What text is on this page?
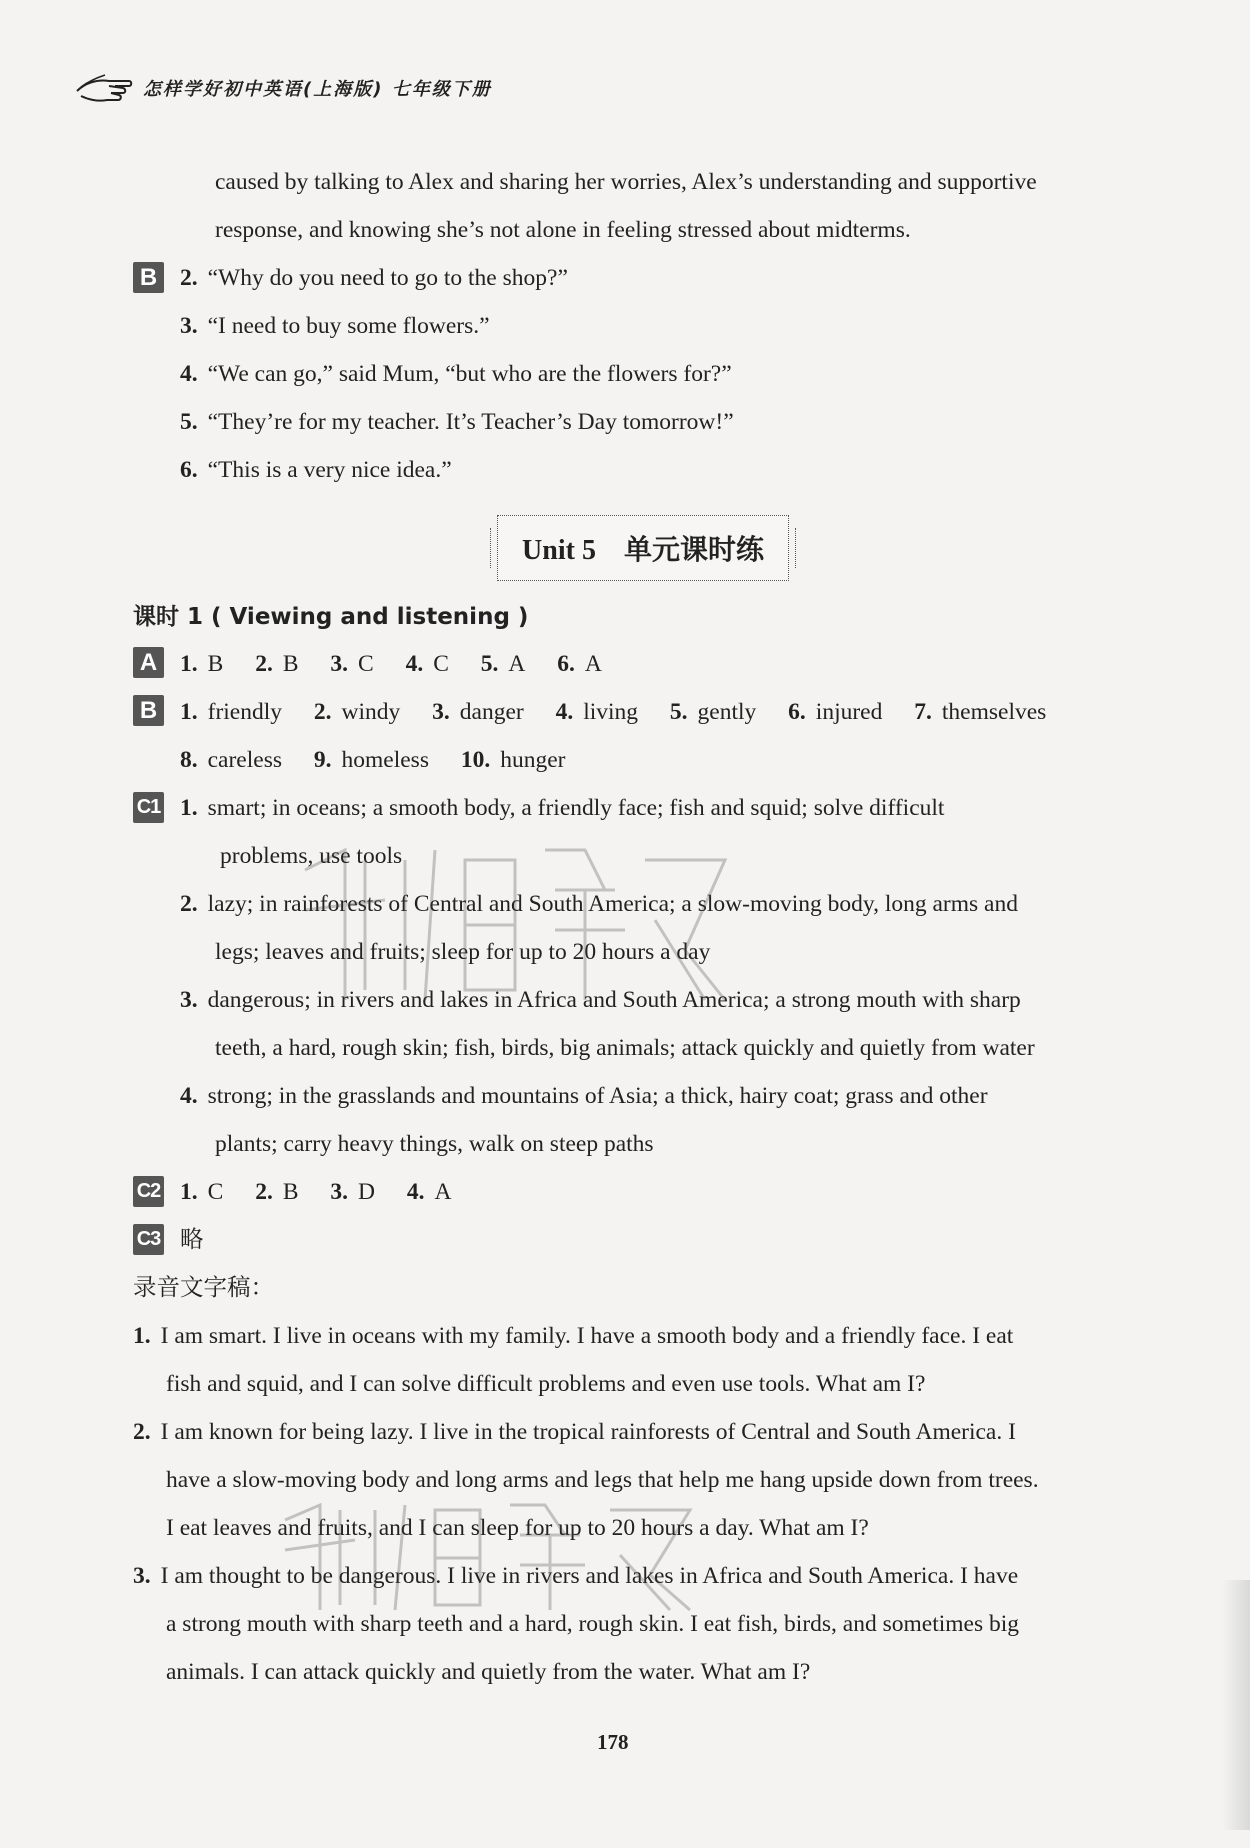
怎样学好初中英语(上海版) 七年级下册
caused by talking to Alex and sharing her worries, Alex’s understanding and supportive
response, and knowing she’s not alone in feeling stressed about midterms.
B 2. “Why do you need to go to the shop?”
3. “I need to buy some flowers.”
4. “We can go,” said Mum, “but who are the flowers for?”
5. “They’re for my teacher. It’s Teacher’s Day tomorrow!”
6. “This is a very nice idea.”
Unit 5　单元课时练
课时 1 ( Viewing and listening )
A 1. B 2. B 3. C 4. C 5. A 6. A
B 1. friendly 2. windy 3. danger 4. living 5. gently 6. injured 7. themselves
8. careless 9. homeless 10. hunger
C1 1. smart; in oceans; a smooth body, a friendly face; fish and squid; solve difficult
problems, use tools
2. lazy; in rainforests of Central and South America; a slow-moving body, long arms and
legs; leaves and fruits; sleep for up to 20 hours a day
3. dangerous; in rivers and lakes in Africa and South America; a strong mouth with sharp
teeth, a hard, rough skin; fish, birds, big animals; attack quickly and quietly from water
4. strong; in the grasslands and mountains of Asia; a thick, hairy coat; grass and other
plants; carry heavy things, walk on steep paths
C2 1. C 2. B 3. D 4. A
C3 略
录音文字稿：
1. I am smart. I live in oceans with my family. I have a smooth body and a friendly face. I eat
fish and squid, and I can solve difficult problems and even use tools. What am I?
2. I am known for being lazy. I live in the tropical rainforests of Central and South America. I
have a slow-moving body and long arms and legs that help me hang upside down from trees.
I eat leaves and fruits, and I can sleep for up to 20 hours a day. What am I?
3. I am thought to be dangerous. I live in rivers and lakes in Africa and South America. I have
a strong mouth with sharp teeth and a hard, rough skin. I eat fish, birds, and sometimes big
animals. I can attack quickly and quietly from the water. What am I?
178
